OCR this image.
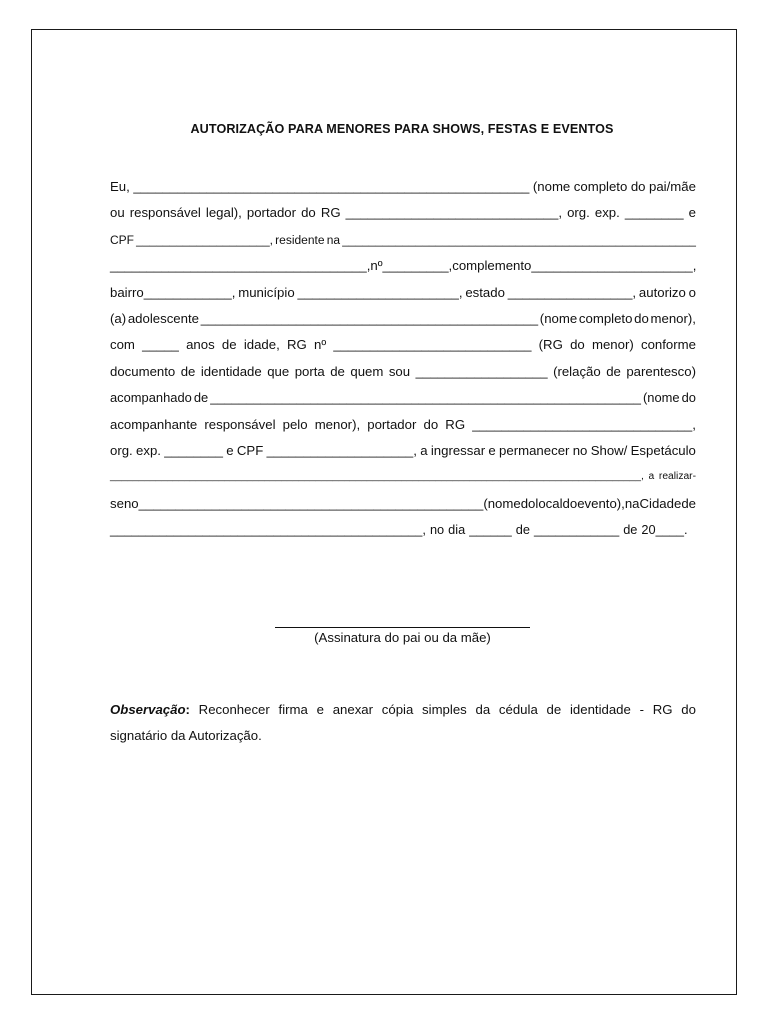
AUTORIZAÇÃO PARA MENORES PARA SHOWS, FESTAS E EVENTOS
Eu, ______________________________________________________ (nome completo do pai/mãe
ou responsável legal), portador do RG _____________________________, org. exp. ________ e
CPF ____________________, residente na _____________________________________________________
___________________________________, nº _________, complemento ______________________,
bairro____________, município ______________________, estado _________________, autorizo o
(a) adolescente ______________________________________________ (nome completo do menor),
com _____ anos de idade, RG nº ___________________________ (RG do menor) conforme
documento de identidade que porta de quem sou __________________ (relação de parentesco)
acompanhado de ____________________________________________________________ (nome do
acompanhante responsável pelo menor), portador do RG ______________________________,
org. exp. ________ e CPF ____________________, a ingressar e permanecer no Show/ Espetáculo
_____________________________________________________________________________________________, a realizar-
se no _______________________________________________ (nome do local do evento), na Cidade de
____________________________________________, no dia ______ de ____________ de 20____.
(Assinatura do pai ou da mãe)
Observação: Reconhecer firma e anexar cópia simples da cédula de identidade - RG do
signatário da Autorização.
